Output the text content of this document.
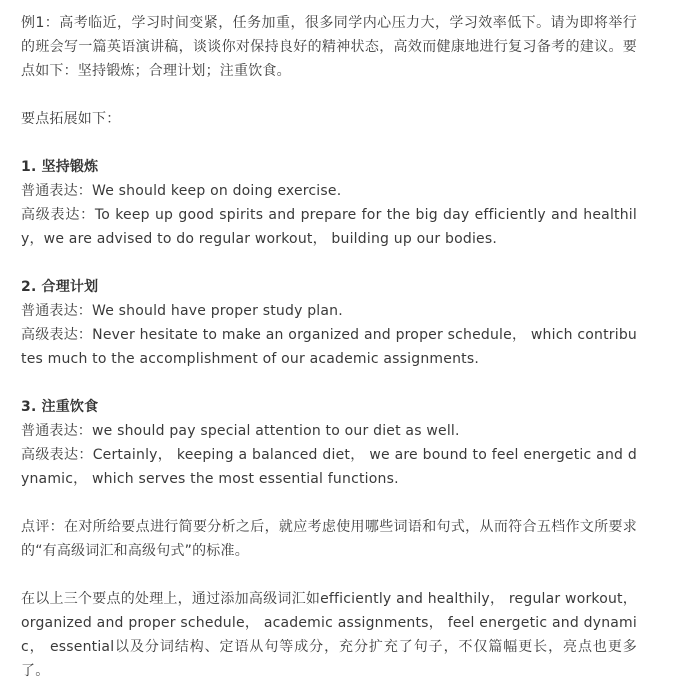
例1：高考临近，学习时间变紧，任务加重，很多同学内心压力大，学习效率低下。请为即将举行的班会写一篇英语演讲稿，谈谈你对保持良好的精神状态，高效而健康地进行复习备考的建议。要点如下：坚持锻炼；合理计划；注重饮食。

要点拓展如下：

1. 坚持锻炼

普通表达：We should keep on doing exercise.

高级表达：To keep up good spirits and prepare for the big day efficiently and healthily，we are advised to do regular workout， building up our bodies.

2. 合理计划

普通表达：We should have proper study plan.

高级表达：Never hesitate to make an organized and proper schedule， which contributes much to the accomplishment of our academic assignments.

3. 注重饮食

普通表达：we should pay special attention to our diet as well.

高级表达：Certainly， keeping a balanced diet， we are bound to feel energetic and dynamic， which serves the most essential functions.

点评：在对所给要点进行简要分析之后，就应考虑使用哪些词语和句式，从而符合五档作文所要求的“有高级词汇和高级句式”的标准。

在以上三个要点的处理上，通过添加高级词汇如efficiently and healthily， regular workout， organized and proper schedule， academic assignments， feel energetic and dynamic， essential以及分词结构、定语从句等成分，充分扩充了句子，不仅篇幅更长，亮点也更多了。
